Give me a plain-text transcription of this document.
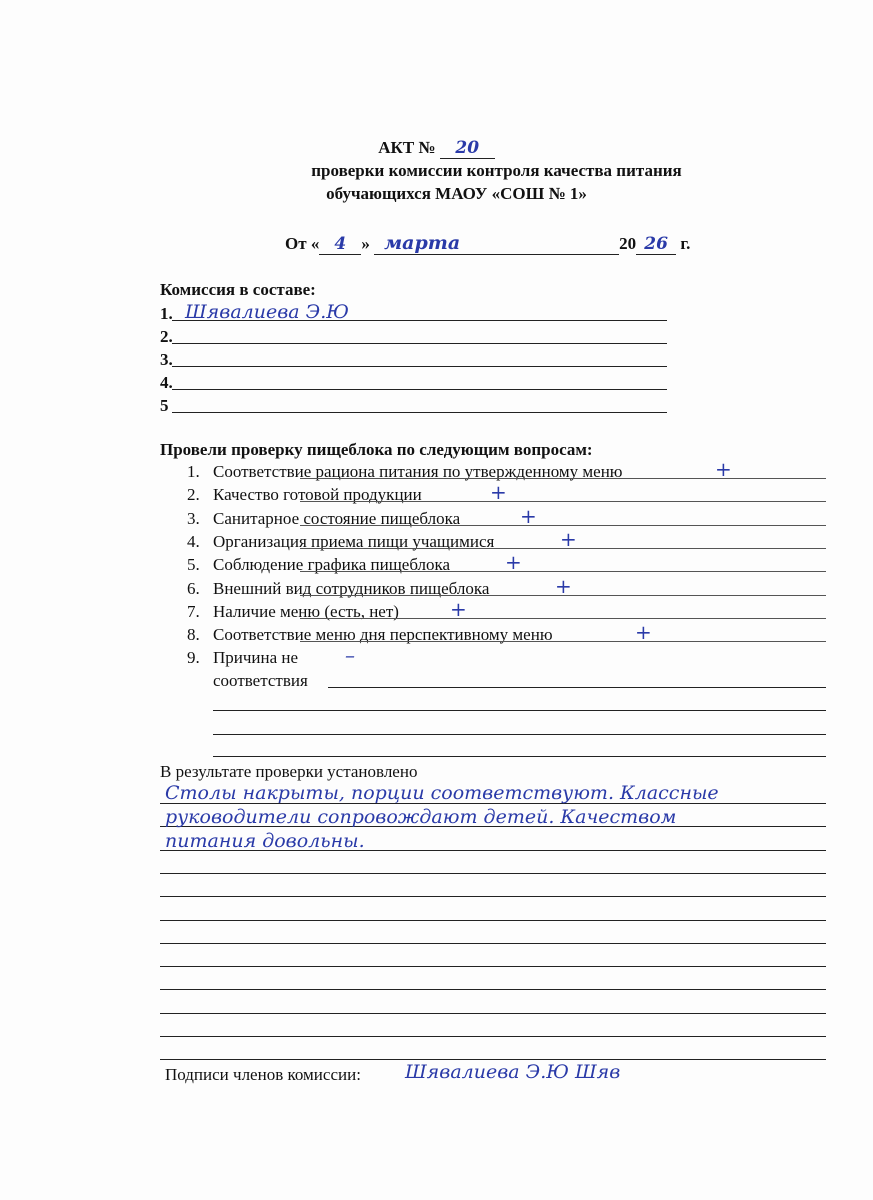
АКТ № 20
проверки комиссии контроля качества питания
обучающихся МАОУ «СОШ № 1»
От « 4 » марта	20 26 г.
Комиссия в составе:
1. Шявалиева Э.Ю
2.
3.
4.
5
Провели проверку пищеблока по следующим вопросам:
1. Соответствие рациона питания по утвержденному меню	+
2. Качество готовой продукции	+
3. Санитарное состояние пищеблока	+
4. Организация приема пищи учащимися	+
5. Соблюдение графика пищеблока	+
6. Внешний вид сотрудников пищеблока	+
7. Наличие меню (есть, нет)	+
8. Соответствие меню дня перспективному меню	+
9. Причина не –
соответствия
В результате проверки установлено
Столы накрыты, порции соответствуют. Классные
руководители сопровождают детей. Качеством
питания довольны.
Подписи членов комиссии: Шявалиева Э.Ю Шяв
